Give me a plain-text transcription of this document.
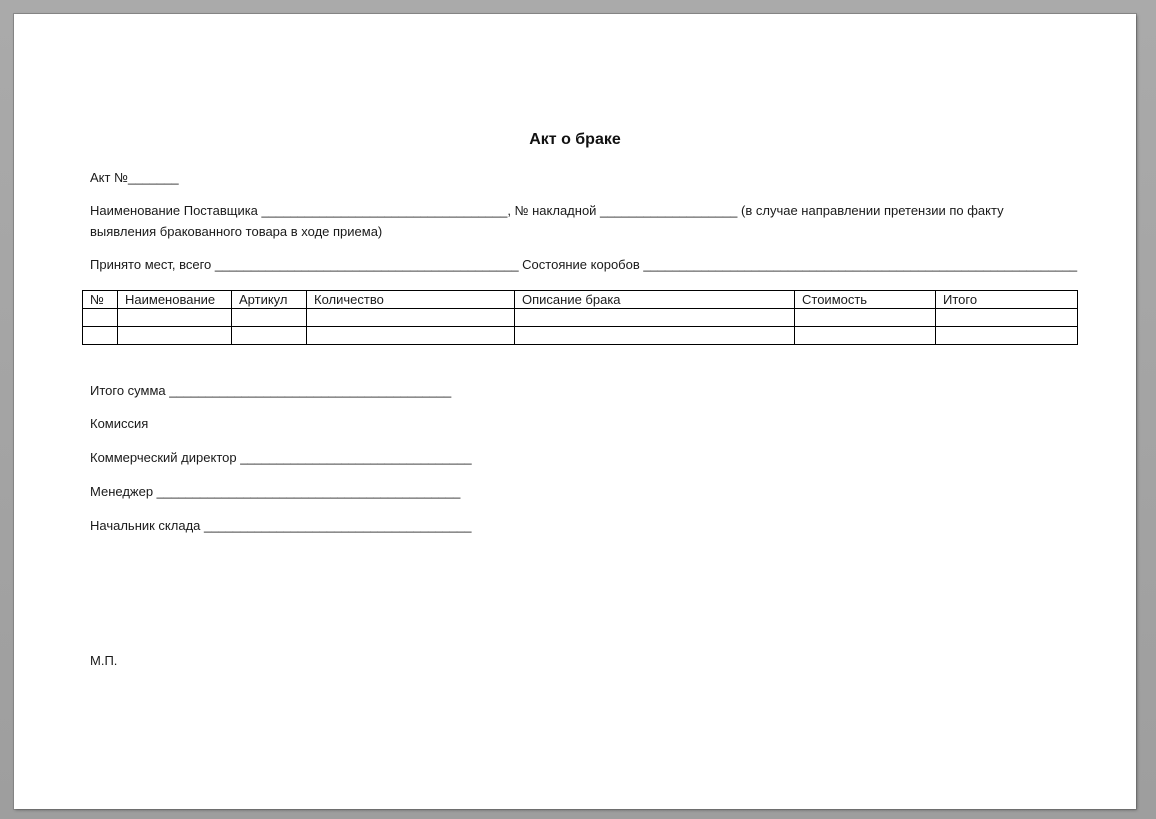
Акт о браке
Акт №_______
Наименование Поставщика __________________________________, № накладной ___________________ (в случае направлении претензии по факту выявления бракованного товара в ходе приема)
Принято мест, всего __________________________________________ Состояние коробов ____________________________________________________________
№	Наименование	Артикул	Количество	Описание брака	Стоимость	Итого

Итого сумма _______________________________________
Комиссия
Коммерческий директор ________________________________
Менеджер __________________________________________
Начальник склада _____________________________________
М.П.
